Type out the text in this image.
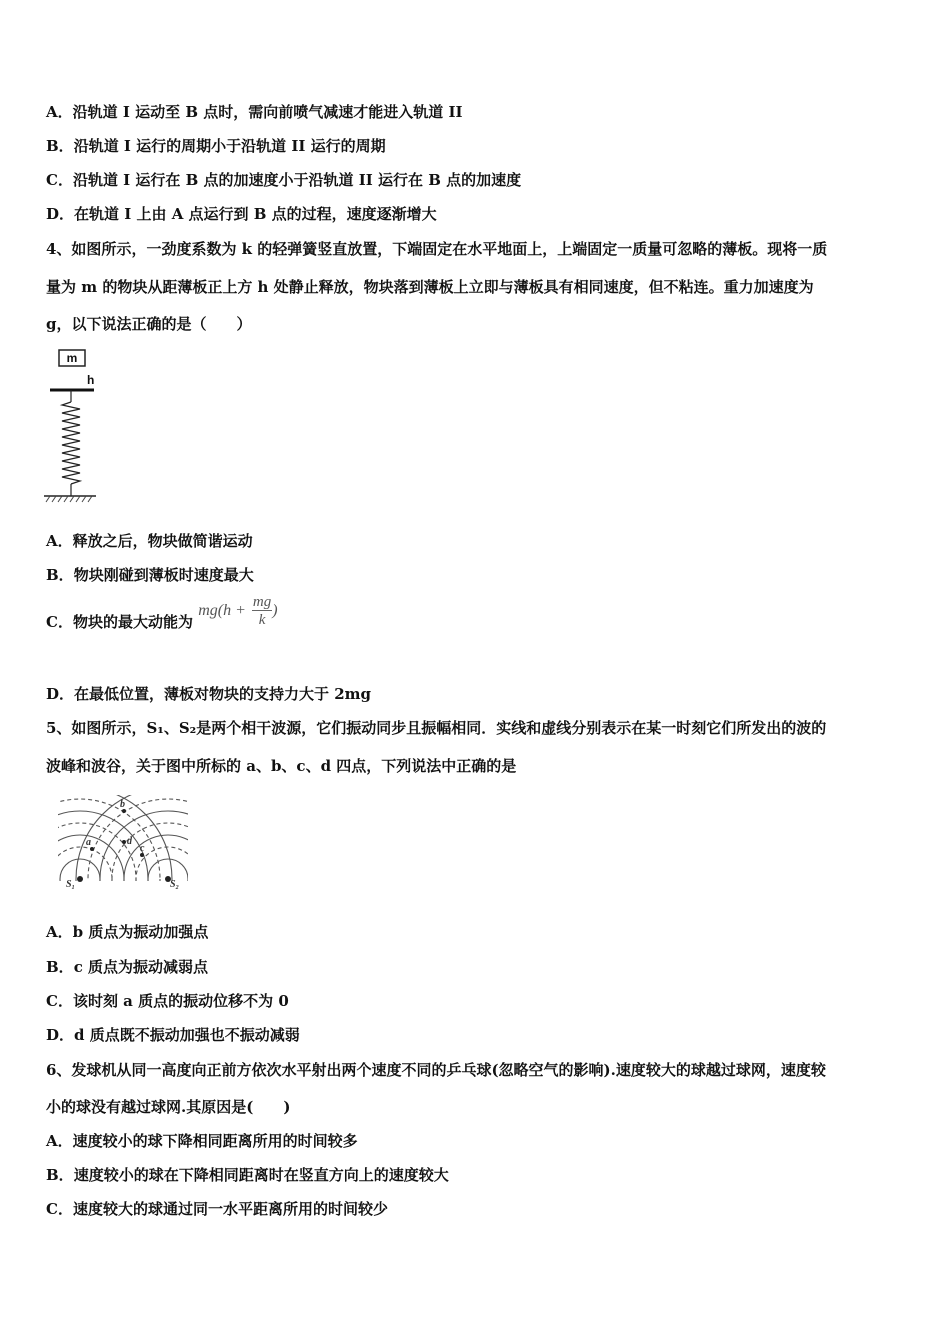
A．沿轨道 I 运动至 B 点时，需向前喷气减速才能进入轨道 II
B．沿轨道 I 运行的周期小于沿轨道 II 运行的周期
C．沿轨道 I 运行在 B 点的加速度小于沿轨道 II 运行在 B 点的加速度
D．在轨道 I 上由 A 点运行到 B 点的过程，速度逐渐增大
4、如图所示，一劲度系数为 k 的轻弹簧竖直放置，下端固定在水平地面上，上端固定一质量可忽略的薄板。现将一质
量为 m 的物块从距薄板正上方 h 处静止释放，物块落到薄板上立即与薄板具有相同速度，但不粘连。重力加速度为
g，以下说法正确的是（　　）
m
h
A．释放之后，物块做简谐运动
B．物块刚碰到薄板时速度最大
C．物块的最大动能为 $mg(h + \frac{mg}{k}$ )
D．在最低位置，薄板对物块的支持力大于 2mg
5、如图所示，S₁、S₂是两个相干波源，它们振动同步且振幅相同．实线和虚线分别表示在某一时刻它们所发出的波的
波峰和波谷，关于图中所标的 a、b、c、d 四点，下列说法中正确的是
b
a	d
c
S₁	S₂
A．b 质点为振动加强点
B．c 质点为振动减弱点
C．该时刻 a 质点的振动位移不为 0
D．d 质点既不振动加强也不振动减弱
6、发球机从同一高度向正前方依次水平射出两个速度不同的乒乓球(忽略空气的影响).速度较大的球越过球网，速度较
小的球没有越过球网.其原因是(　　)
A．速度较小的球下降相同距离所用的时间较多
B．速度较小的球在下降相同距离时在竖直方向上的速度较大
C．速度较大的球通过同一水平距离所用的时间较少
